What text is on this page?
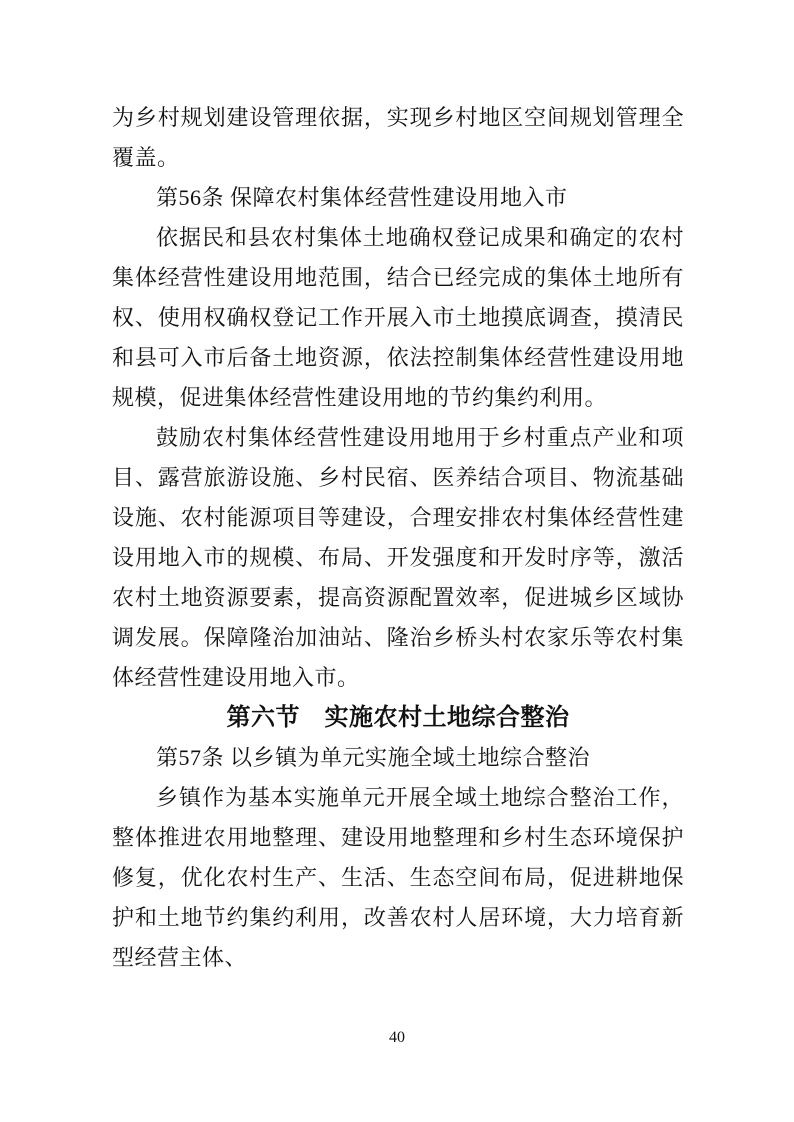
为乡村规划建设管理依据，实现乡村地区空间规划管理全覆盖。

第56条 保障农村集体经营性建设用地入市

依据民和县农村集体土地确权登记成果和确定的农村集体经营性建设用地范围，结合已经完成的集体土地所有权、使用权确权登记工作开展入市土地摸底调查，摸清民和县可入市后备土地资源，依法控制集体经营性建设用地规模，促进集体经营性建设用地的节约集约利用。

鼓励农村集体经营性建设用地用于乡村重点产业和项目、露营旅游设施、乡村民宿、医养结合项目、物流基础设施、农村能源项目等建设，合理安排农村集体经营性建设用地入市的规模、布局、开发强度和开发时序等，激活农村土地资源要素，提高资源配置效率，促进城乡区域协调发展。保障隆治加油站、隆治乡桥头村农家乐等农村集体经营性建设用地入市。

第六节　实施农村土地综合整治

第57条 以乡镇为单元实施全域土地综合整治

乡镇作为基本实施单元开展全域土地综合整治工作，整体推进农用地整理、建设用地整理和乡村生态环境保护修复，优化农村生产、生活、生态空间布局，促进耕地保护和土地节约集约利用，改善农村人居环境，大力培育新型经营主体、

40
